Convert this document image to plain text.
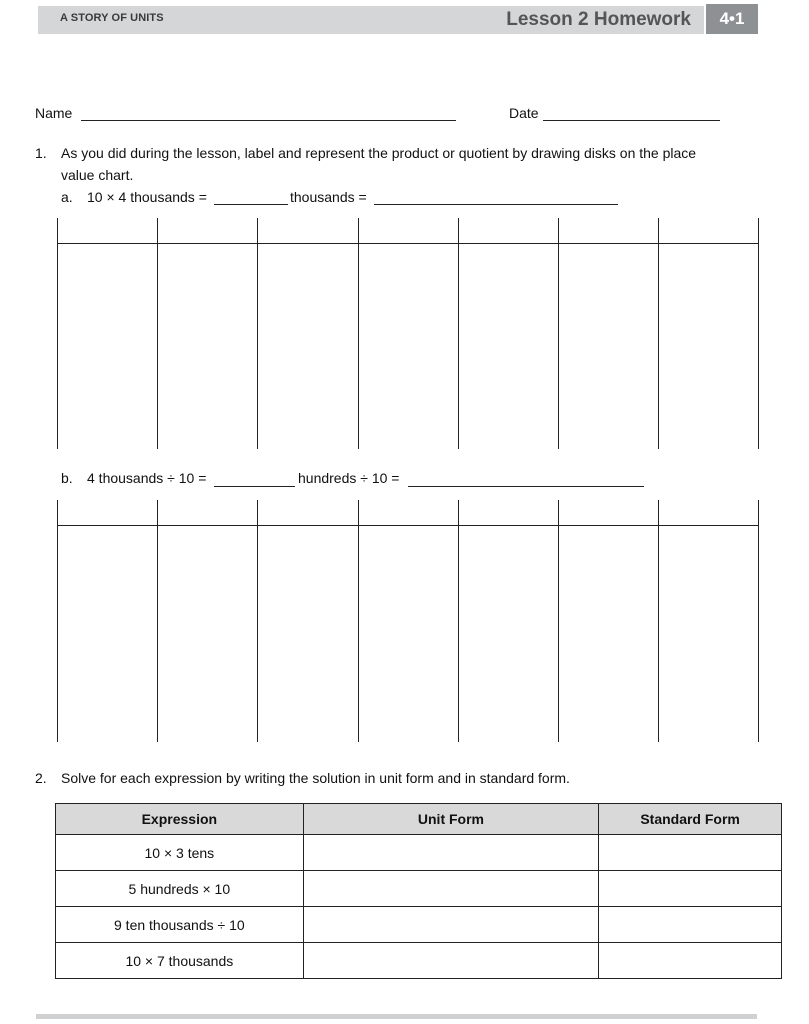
A STORY OF UNITS	Lesson 2 Homework	4•1
Name	Date
1. As you did during the lesson, label and represent the product or quotient by drawing disks on the place
value chart.
a. 10 × 4 thousands =	thousands =
b. 4 thousands ÷ 10 =	hundreds ÷ 10 =
2. Solve for each expression by writing the solution in unit form and in standard form.
Expression	Unit Form	Standard Form
10 × 3 tens		
5 hundreds × 10		
9 ten thousands ÷ 10		
10 × 7 thousands		
